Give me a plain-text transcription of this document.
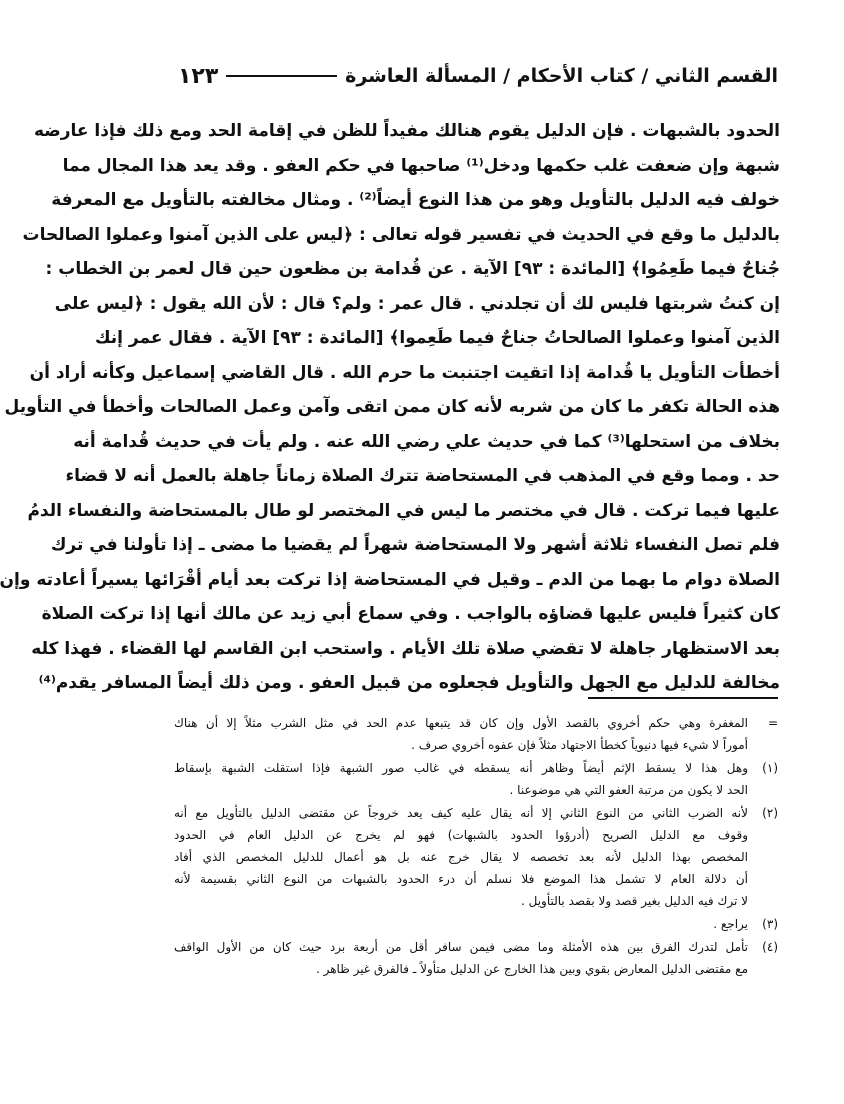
القسم الثاني / كتاب الأحكام / المسألة العاشرة
١٢٣
الحدود بالشبهات . فإن الدليل يقوم هنالك مفيداً للظن في إقامة الحد ومع ذلك فإذا عارضه
شبهة وإن ضعفت غلب حكمها ودخل⁽¹⁾ صاحبها في حكم العفو . وقد يعد هذا المجال مما
خولف فيه الدليل بالتأويل وهو من هذا النوع أيضاً⁽²⁾ . ومثال مخالفته بالتأويل مع المعرفة
بالدليل ما وقع في الحديث في تفسير قوله تعالى : ﴿ليس على الذين آمنوا وعملوا الصالحات
جُناحٌ فيما طَعِمُوا﴾ [المائدة : ٩٣] الآية . عن قُدامة بن مظعون حين قال لعمر بن الخطاب :
إن كنتُ شربتها فليس لك أن تجلدني . قال عمر : ولم؟ قال : لأن الله يقول : ﴿ليس على
الذين آمنوا وعملوا الصالحاتُ جناحٌ فيما طَعِموا﴾ [المائدة : ٩٣] الآية . فقال عمر إنك
أخطأت التأويل يا قُدامة إذا اتقيت اجتنبت ما حرم الله . قال القاضي إسماعيل وكأنه أراد أن
هذه الحالة تكفر ما كان من شربه لأنه كان ممن اتقى وآمن وعمل الصالحات وأخطأ في التأويل
بخلاف من استحلها⁽³⁾ كما في حديث علي رضي الله عنه . ولم يأت في حديث قُدامة أنه
حد . ومما وقع في المذهب في المستحاضة تترك الصلاة زماناً جاهلة بالعمل أنه لا قضاء
عليها فيما تركت . قال في مختصر ما ليس في المختصر لو طال بالمستحاضة والنفساء الدمُ
فلم تصل النفساء ثلاثة أشهر ولا المستحاضة شهراً لم يقضيا ما مضى ـ إذا تأولنا في ترك
الصلاة دوام ما بهما من الدم ـ وقيل في المستحاضة إذا تركت بعد أيام أقْرَائها يسيراً أعادته وإن
كان كثيراً فليس عليها قضاؤه بالواجب . وفي سماع أبي زيد عن مالك أنها إذا تركت الصلاة
بعد الاستظهار جاهلة لا تقضي صلاة تلك الأيام . واستحب ابن القاسم لها القضاء . فهذا كله
مخالفة للدليل مع الجهل والتأويل فجعلوه من قبيل العفو . ومن ذلك أيضاً المسافر يقدم⁽⁴⁾
=
المغفرة وهي حكم أخروي بالقصد الأول وإن كان قد يتبعها عدم الحد في مثل الشرب مثلاً إلا أن هناك
أموراً لا شيء فيها دنيوياً كخطأ الاجتهاد مثلاً فإن عفوه أخروي صرف .
(١)
وهل هذا لا يسقط الإثم أيضاً وظاهر أنه يسقطه في غالب صور الشبهة فإذا استقلت الشبهة بإسقاط
الحد لا يكون من مرتبة العفو التي هي موضوعنا .
(٢)
لأنه الضرب الثاني من النوع الثاني إلا أنه يقال عليه كيف يعد خروجاً عن مقتضى الدليل بالتأويل مع أنه
وقوف مع الدليل الصريح (أدرؤوا الحدود بالشبهات) فهو لم يخرج عن الدليل العام في الحدود
المخصص بهذا الدليل لأنه بعد تخصصه لا يقال خرج عنه بل هو أعمال للدليل المخصص الذي أفاد
أن دلالة العام لا تشمل هذا الموضع فلا نسلم أن درء الحدود بالشبهات من النوع الثاني بقسيمة لأنه
لا ترك فيه الدليل بغير قصد ولا بقصد بالتأويل .
(٣)
يراجع .
(٤)
تأمل لتدرك الفرق بين هذه الأمثلة وما مضى فيمن سافر أقل من أربعة برد حيث كان من الأول الواقف
مع مقتضى الدليل المعارض بقوي وبين هذا الخارج عن الدليل متأولاً ـ فالفرق غير ظاهر .
